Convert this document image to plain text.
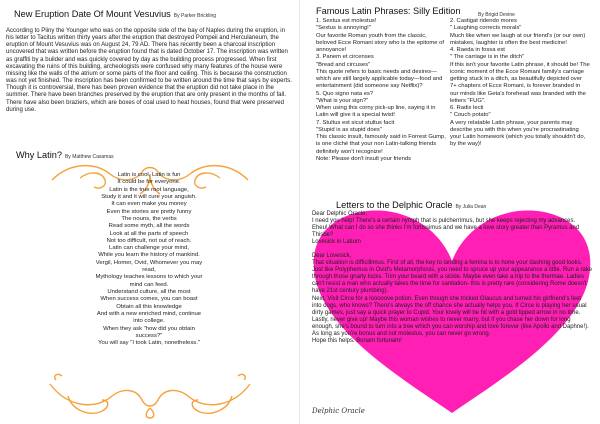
New Eruption Date Of Mount Vesuvius By Parker Brickling
According to Pliny the Younger who was on the opposite side of the bay of Naples during the eruption, in his letter to Tacitus written thirty years after the eruption that destroyed Pompeii and Herculaneum, the eruption of Mount Vesuvius was on August 24, 79 AD. There has recently been a charcoal inscription uncovered that was written before the eruption found that is dated October 17. The inscription was written as graffiti by a builder and was quickly covered by day as the building process progressed. When first excavating the ruins of this building, archeologists were confused why many features of the house were missing like the walls of the atrium or some parts of the floor and ceiling. This is because the construction was not yet finished. The inscription has been confirmed to be written around the time that says by experts. Though it is controversial, there has been proven evidence that the eruption did not take place in the summer. There have been branches preserved by the eruption that are only present in the months of fall. There have also been braziers, which are boxes of coal used to heat houses, found that were preserved during use.
Why Latin? By Matthew Casamas
Latin is cool, Latin is fun
It could be for everyone.
Latin is the true root language,
Study it and it will cure your anguish.
It can even make you money
Even the stories are pretty funny
The nouns, the verbs
Read some myth, all the words
Look at all the parts of speech
Not too difficult, not out of reach.
Latin can challenge your mind,
While you learn the history of mankind.
Vergil, Homer, Ovid, Whomever you may
read,
Mythology teaches lessons to which your
mind can feed.
Understand culture, all the most
When success comes, you can boast
Obtain all this knowledge
And with a new enriched mind, continue
into college.
When they ask "how did you obtain
success?"
You will say "I took Latin, nonetheless."
Famous Latin Phrases: Silly Edition	By Brigid Devine
1. Sextus est molestus!
"Sextus is annoying!"
Our favorite Roman youth from the classic, beloved Ecce Romani story who is the epitome of annoyance!
3. Panem et circenses
"Bread and circuses"
This quote refers to basic needs and desires—which are still largely applicable today—food and entertainment (did someone say Netflix)?
5. Quo signo nata es?
"What is your sign?"
When using this corny pick-up line, saying it in Latin will give it a special twist!
7. Stultus est sicut stultus facit
"Stupid is as stupid does"
This classic insult, famously said in Forrest Gump, is one cliché that your non Latin-talking friends definitely won't recognize!
Note: Please don't insult your friends
2. Castigat ridendo mores
" Laughing corrects morals"
Much like when we laugh at our friend's (or our own) mistakes, laughter is often the best medicine!
4. Raeda in fossa est
" The carriage is in the ditch"
If this isn't your favorite Latin phrase, it should be! The iconic moment of the Ecce Romani family's carriage getting stuck in a ditch, as beautifully depicted over 7+ chapters of Ecce Romani, is forever branded in our minds like Geta's forehead was branded with the letters "FUG".
6. Radix lecti
" Couch potato"
A very relatable Latin phrase, your parents may describe you with this when you're procrastinating your Latin homework (which you totally shouldn't do, by the way)!
Letters to the Delphic Oracle By Julia Dean

Dear Delphic Oracle,
I need you help! There's a certain nymph that is pulcherrimus, but she keeps rejecting my advances. Eheu! What can I do so she thinks I'm fortissimus and we have a love story greater than Pyramus and Thisbe?
Lovesick in Latium

Dear Lovesick,
That situation is difficillimus. First of all, the key to landing a femina is to hone your dashing good looks. Just like Polyphemus in Ovid's Metamorphosis, you need to spruce up your appearance a little. Run a rake through those gnarly locks. Trim your beard with a sickle. Maybe even take a trip to the thermae. Ladies can't resist a man who actually takes the time for sanitation- this is pretty rare (considering Rome doesn't have 21st century plumbing).
Next, Visit Circe for a looooove potion. Even though she tricked Glaucus and turned his girlfriend's feet into dogs, who knows? There's always the off chance she actually helps you. If Circe is playing her usual dirty games, just say a quick prayer to Cupid. Your lovely will be hit with a gold tipped arrow in no time.
Lastly, never give up! Maybe this woman wishes to never marry, but if you chase her down for long enough, she's bound to turn into a tree which you can worship and love forever (like Apollo and Daphne!). As long as you're bonus and not molestus, you can never go wrong.
Hope this helps. Bonam fortunam!

Delphic Oracle
